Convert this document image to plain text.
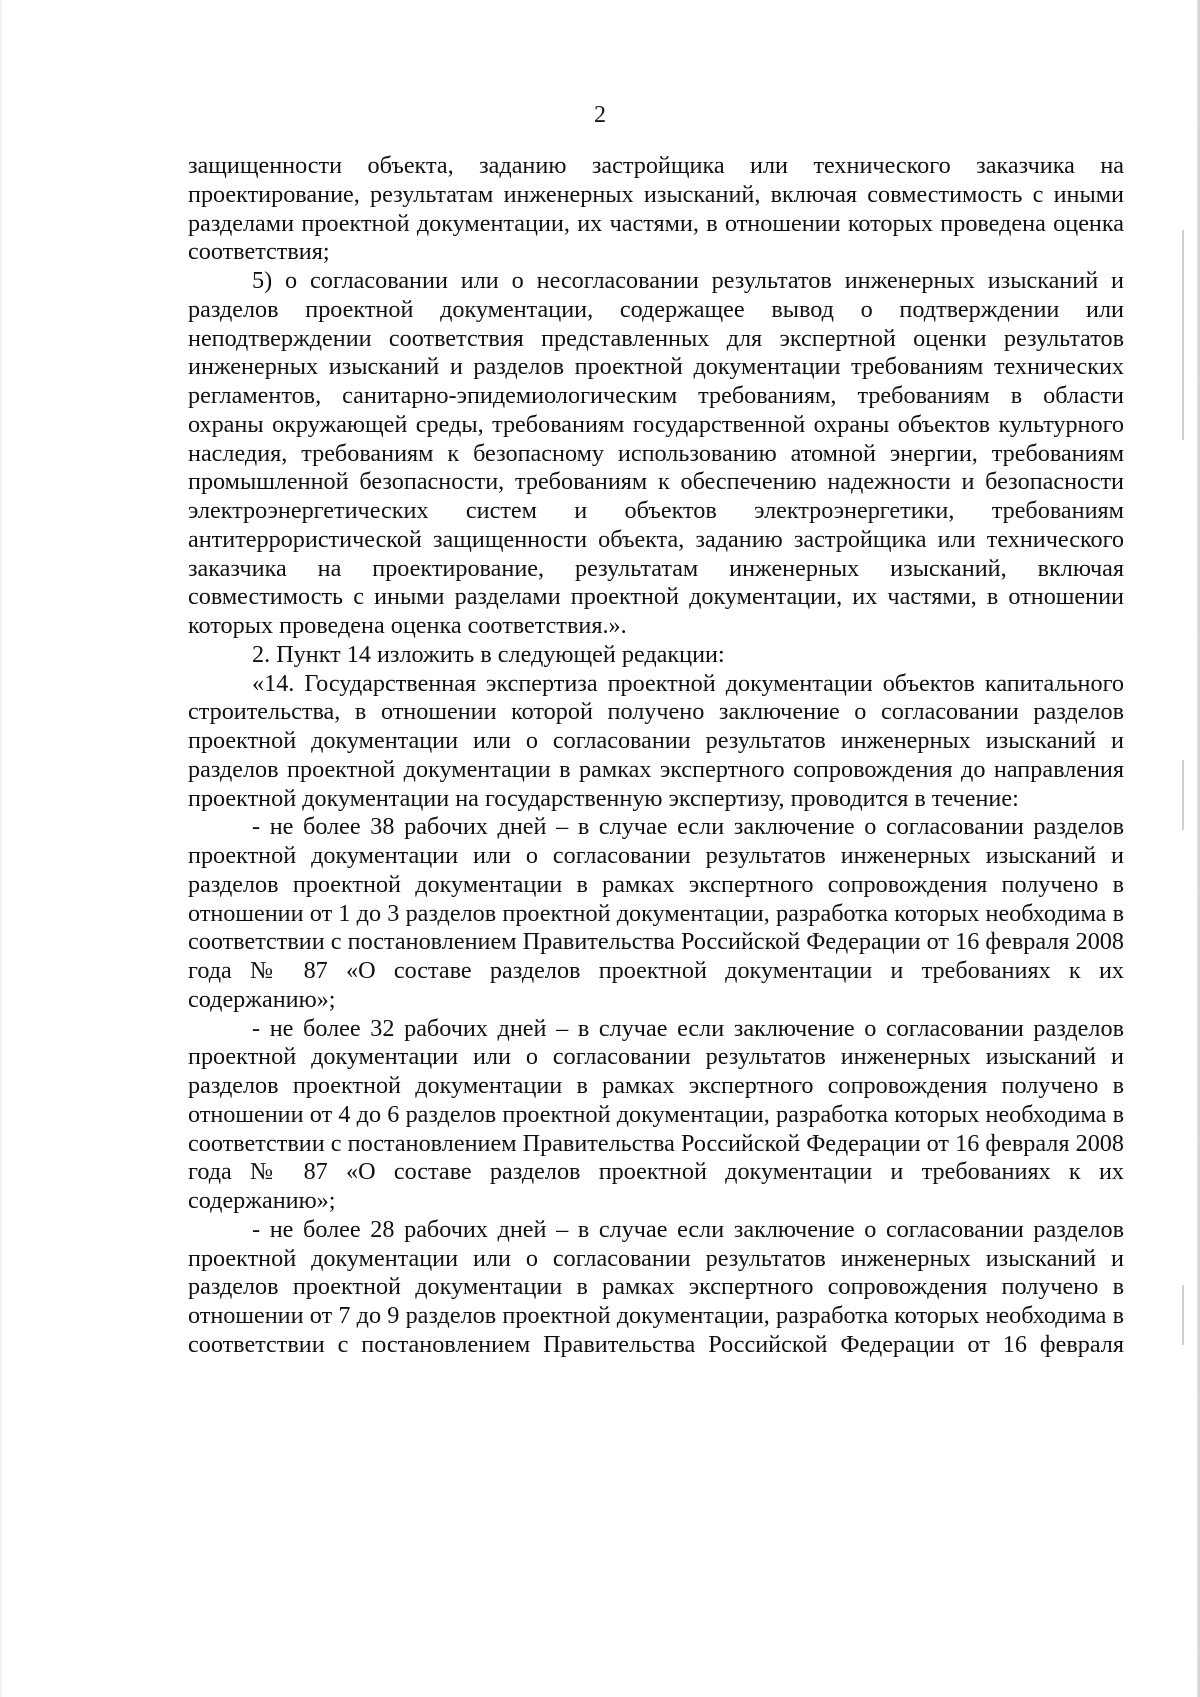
2

защищенности объекта, заданию застройщика или технического заказчика на проектирование, результатам инженерных изысканий, включая совместимость с иными разделами проектной документации, их частями, в отношении которых проведена оценка соответствия;

5) о согласовании или о несогласовании результатов инженерных изысканий и разделов проектной документации, содержащее вывод о подтверждении или неподтверждении соответствия представленных для экспертной оценки результатов инженерных изысканий и разделов проектной документации требованиям технических регламентов, санитарно-эпидемиологическим требованиям, требованиям в области охраны окружающей среды, требованиям государственной охраны объектов культурного наследия, требованиям к безопасному использованию атомной энергии, требованиям промышленной безопасности, требованиям к обеспечению надежности и безопасности электроэнергетических систем и объектов электроэнергетики, требованиям антитеррористической защищенности объекта, заданию застройщика или технического заказчика на проектирование, результатам инженерных изысканий, включая совместимость с иными разделами проектной документации, их частями, в отношении которых проведена оценка соответствия.».

2. Пункт 14 изложить в следующей редакции:

«14. Государственная экспертиза проектной документации объектов капитального строительства, в отношении которой получено заключение о согласовании разделов проектной документации или о согласовании результатов инженерных изысканий и разделов проектной документации в рамках экспертного сопровождения до направления проектной документации на государственную экспертизу, проводится в течение:

- не более 38 рабочих дней – в случае если заключение о согласовании разделов проектной документации или о согласовании результатов инженерных изысканий и разделов проектной документации в рамках экспертного сопровождения получено в отношении от 1 до 3 разделов проектной документации, разработка которых необходима в соответствии с постановлением Правительства Российской Федерации от 16 февраля 2008 года № 87 «О составе разделов проектной документации и требованиях к их содержанию»;

- не более 32 рабочих дней – в случае если заключение о согласовании разделов проектной документации или о согласовании результатов инженерных изысканий и разделов проектной документации в рамках экспертного сопровождения получено в отношении от 4 до 6 разделов проектной документации, разработка которых необходима в соответствии с постановлением Правительства Российской Федерации от 16 февраля 2008 года № 87 «О составе разделов проектной документации и требованиях к их содержанию»;

- не более 28 рабочих дней – в случае если заключение о согласовании разделов проектной документации или о согласовании результатов инженерных изысканий и разделов проектной документации в рамках экспертного сопровождения получено в отношении от 7 до 9 разделов проектной документации, разработка которых необходима в соответствии с постановлением Правительства Российской Федерации от 16 февраля
